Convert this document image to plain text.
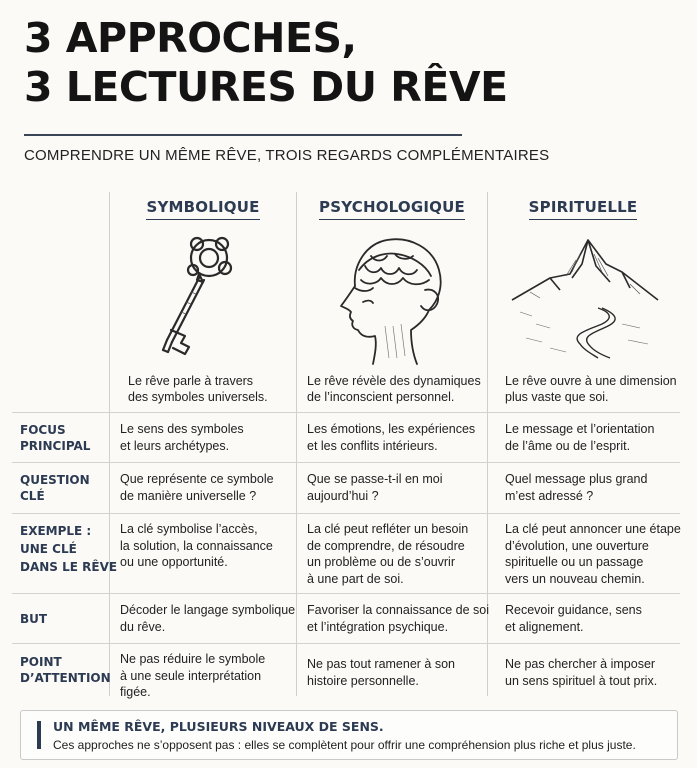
3 APPROCHES,
3 LECTURES DU RÊVE

COMPRENDRE UN MÊME RÊVE, TROIS REGARDS COMPLÉMENTAIRES

SYMBOLIQUE	PSYCHOLOGIQUE	SPIRITUELLE
Le rêve parle à travers
des symboles universels.
Le rêve révèle des dynamiques
de l’inconscient personnel.
Le rêve ouvre à une dimension
plus vaste que soi.
FOCUS
PRINCIPAL
Le sens des symboles
et leurs archétypes.
Les émotions, les expériences
et les conflits intérieurs.
Le message et l’orientation
de l’âme ou de l’esprit.
QUESTION
CLÉ
Que représente ce symbole
de manière universelle ?
Que se passe-t-il en moi
aujourd’hui ?
Quel message plus grand
m’est adressé ?
EXEMPLE :
UNE CLÉ
DANS LE RÊVE
La clé symbolise l’accès,
la solution, la connaissance
ou une opportunité.
La clé peut refléter un besoin
de comprendre, de résoudre
un problème ou de s’ouvrir
à une part de soi.
La clé peut annoncer une étape
d’évolution, une ouverture
spirituelle ou un passage
vers un nouveau chemin.
BUT
Décoder le langage symbolique
du rêve.
Favoriser la connaissance de soi
et l’intégration psychique.
Recevoir guidance, sens
et alignement.
POINT
D’ATTENTION
Ne pas réduire le symbole
à une seule interprétation
figée.
Ne pas tout ramener à son
histoire personnelle.
Ne pas chercher à imposer
un sens spirituel à tout prix.
UN MÊME RÊVE, PLUSIEURS NIVEAUX DE SENS.
Ces approches ne s’opposent pas : elles se complètent pour offrir une compréhension plus riche et plus juste.
